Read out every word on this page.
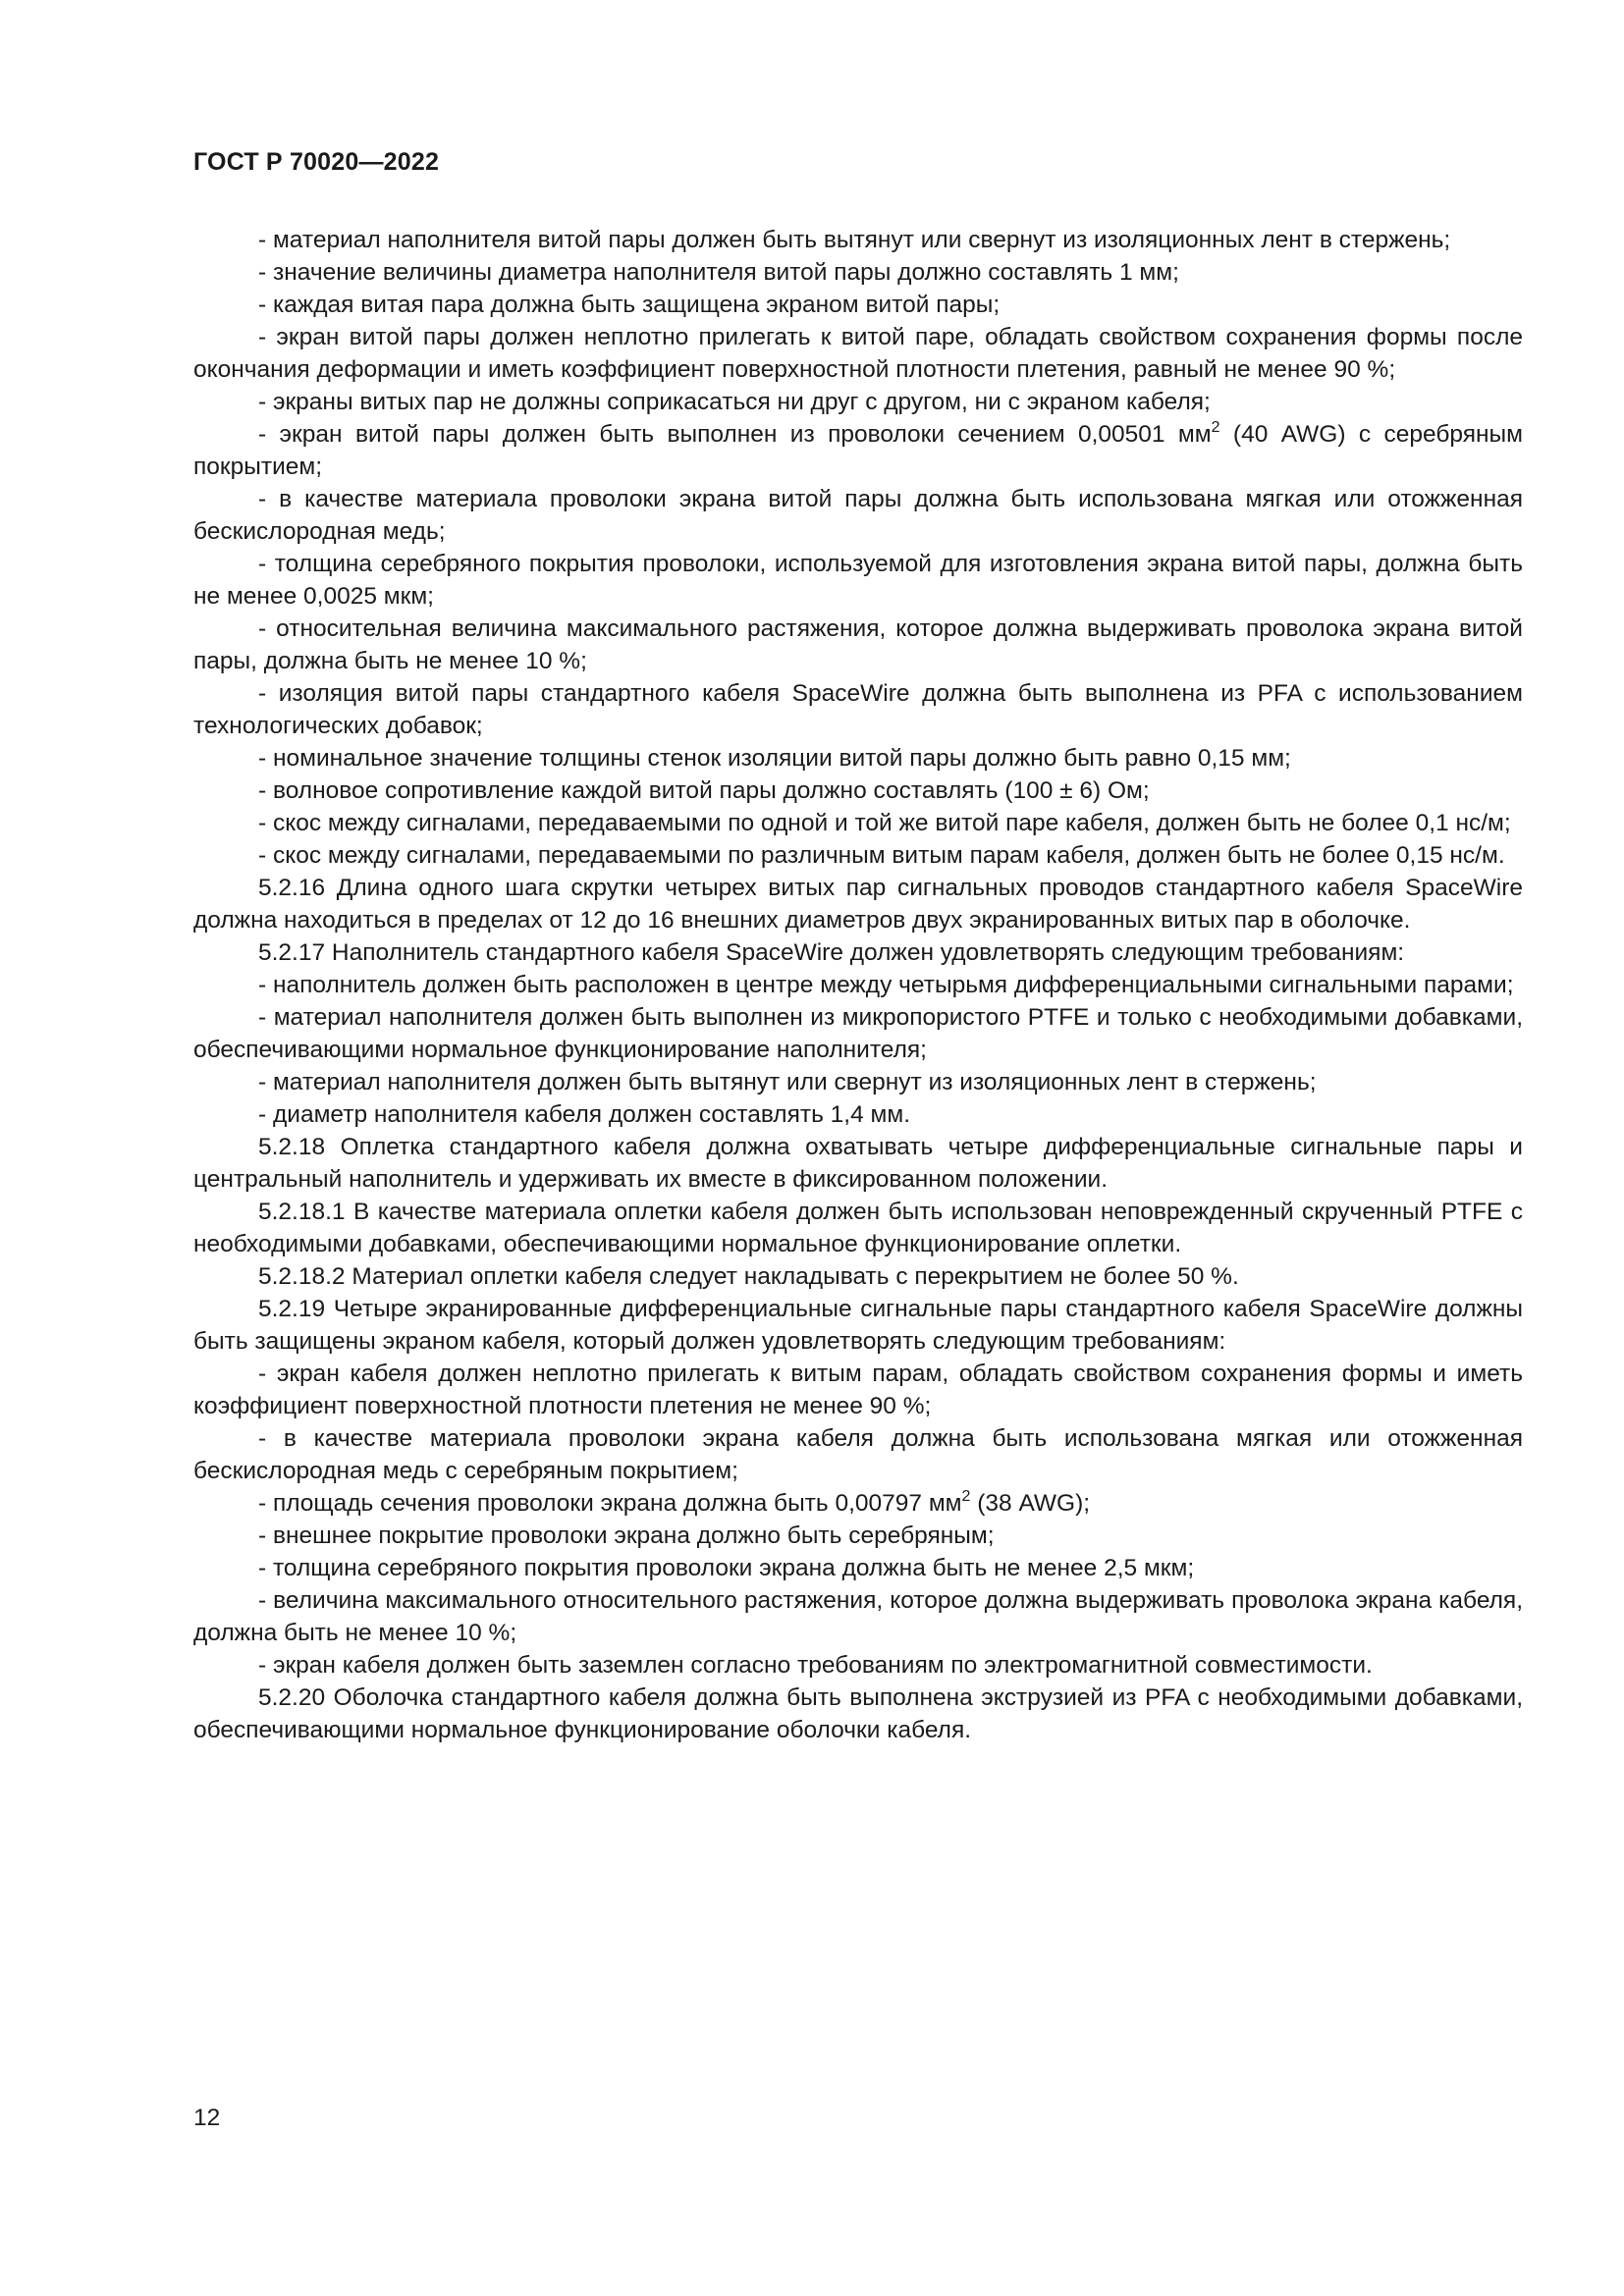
ГОСТ Р 70020—2022

- материал наполнителя витой пары должен быть вытянут или свернут из изоляционных лент в стержень;

- значение величины диаметра наполнителя витой пары должно составлять 1 мм;

- каждая витая пара должна быть защищена экраном витой пары;

- экран витой пары должен неплотно прилегать к витой паре, обладать свойством сохранения формы после окончания деформации и иметь коэффициент поверхностной плотности плетения, равный не менее 90 %;

- экраны витых пар не должны соприкасаться ни друг с другом, ни с экраном кабеля;

- экран витой пары должен быть выполнен из проволоки сечением 0,00501 $мм^2$ (40 AWG) с серебряным покрытием;

- в качестве материала проволоки экрана витой пары должна быть использована мягкая или отожженная бескислородная медь;

- толщина серебряного покрытия проволоки, используемой для изготовления экрана витой пары, должна быть не менее 0,0025 мкм;

- относительная величина максимального растяжения, которое должна выдерживать проволока экрана витой пары, должна быть не менее 10 %;

- изоляция витой пары стандартного кабеля SpaceWire должна быть выполнена из PFA с использованием технологических добавок;

- номинальное значение толщины стенок изоляции витой пары должно быть равно 0,15 мм;

- волновое сопротивление каждой витой пары должно составлять (100 ± 6) Ом;

- скос между сигналами, передаваемыми по одной и той же витой паре кабеля, должен быть не более 0,1 нс/м;

- скос между сигналами, передаваемыми по различным витым парам кабеля, должен быть не более 0,15 нс/м.

5.2.16 Длина одного шага скрутки четырех витых пар сигнальных проводов стандартного кабеля SpaceWire должна находиться в пределах от 12 до 16 внешних диаметров двух экранированных витых пар в оболочке.

5.2.17 Наполнитель стандартного кабеля SpaceWire должен удовлетворять следующим требованиям:

- наполнитель должен быть расположен в центре между четырьмя дифференциальными сигнальными парами;

- материал наполнителя должен быть выполнен из микропористого PTFE и только с необходимыми добавками, обеспечивающими нормальное функционирование наполнителя;

- материал наполнителя должен быть вытянут или свернут из изоляционных лент в стержень;

- диаметр наполнителя кабеля должен составлять 1,4 мм.

5.2.18 Оплетка стандартного кабеля должна охватывать четыре дифференциальные сигнальные пары и центральный наполнитель и удерживать их вместе в фиксированном положении.

5.2.18.1 В качестве материала оплетки кабеля должен быть использован неповрежденный скрученный PTFE с необходимыми добавками, обеспечивающими нормальное функционирование оплетки.

5.2.18.2 Материал оплетки кабеля следует накладывать с перекрытием не более 50 %.

5.2.19 Четыре экранированные дифференциальные сигнальные пары стандартного кабеля SpaceWire должны быть защищены экраном кабеля, который должен удовлетворять следующим требованиям:

- экран кабеля должен неплотно прилегать к витым парам, обладать свойством сохранения формы и иметь коэффициент поверхностной плотности плетения не менее 90 %;

- в качестве материала проволоки экрана кабеля должна быть использована мягкая или отожженная бескислородная медь с серебряным покрытием;

- площадь сечения проволоки экрана должна быть 0,00797 $мм^2$ (38 AWG);

- внешнее покрытие проволоки экрана должно быть серебряным;

- толщина серебряного покрытия проволоки экрана должна быть не менее 2,5 мкм;

- величина максимального относительного растяжения, которое должна выдерживать проволока экрана кабеля, должна быть не менее 10 %;

- экран кабеля должен быть заземлен согласно требованиям по электромагнитной совместимости.

5.2.20 Оболочка стандартного кабеля должна быть выполнена экструзией из PFA с необходимыми добавками, обеспечивающими нормальное функционирование оболочки кабеля.

12
